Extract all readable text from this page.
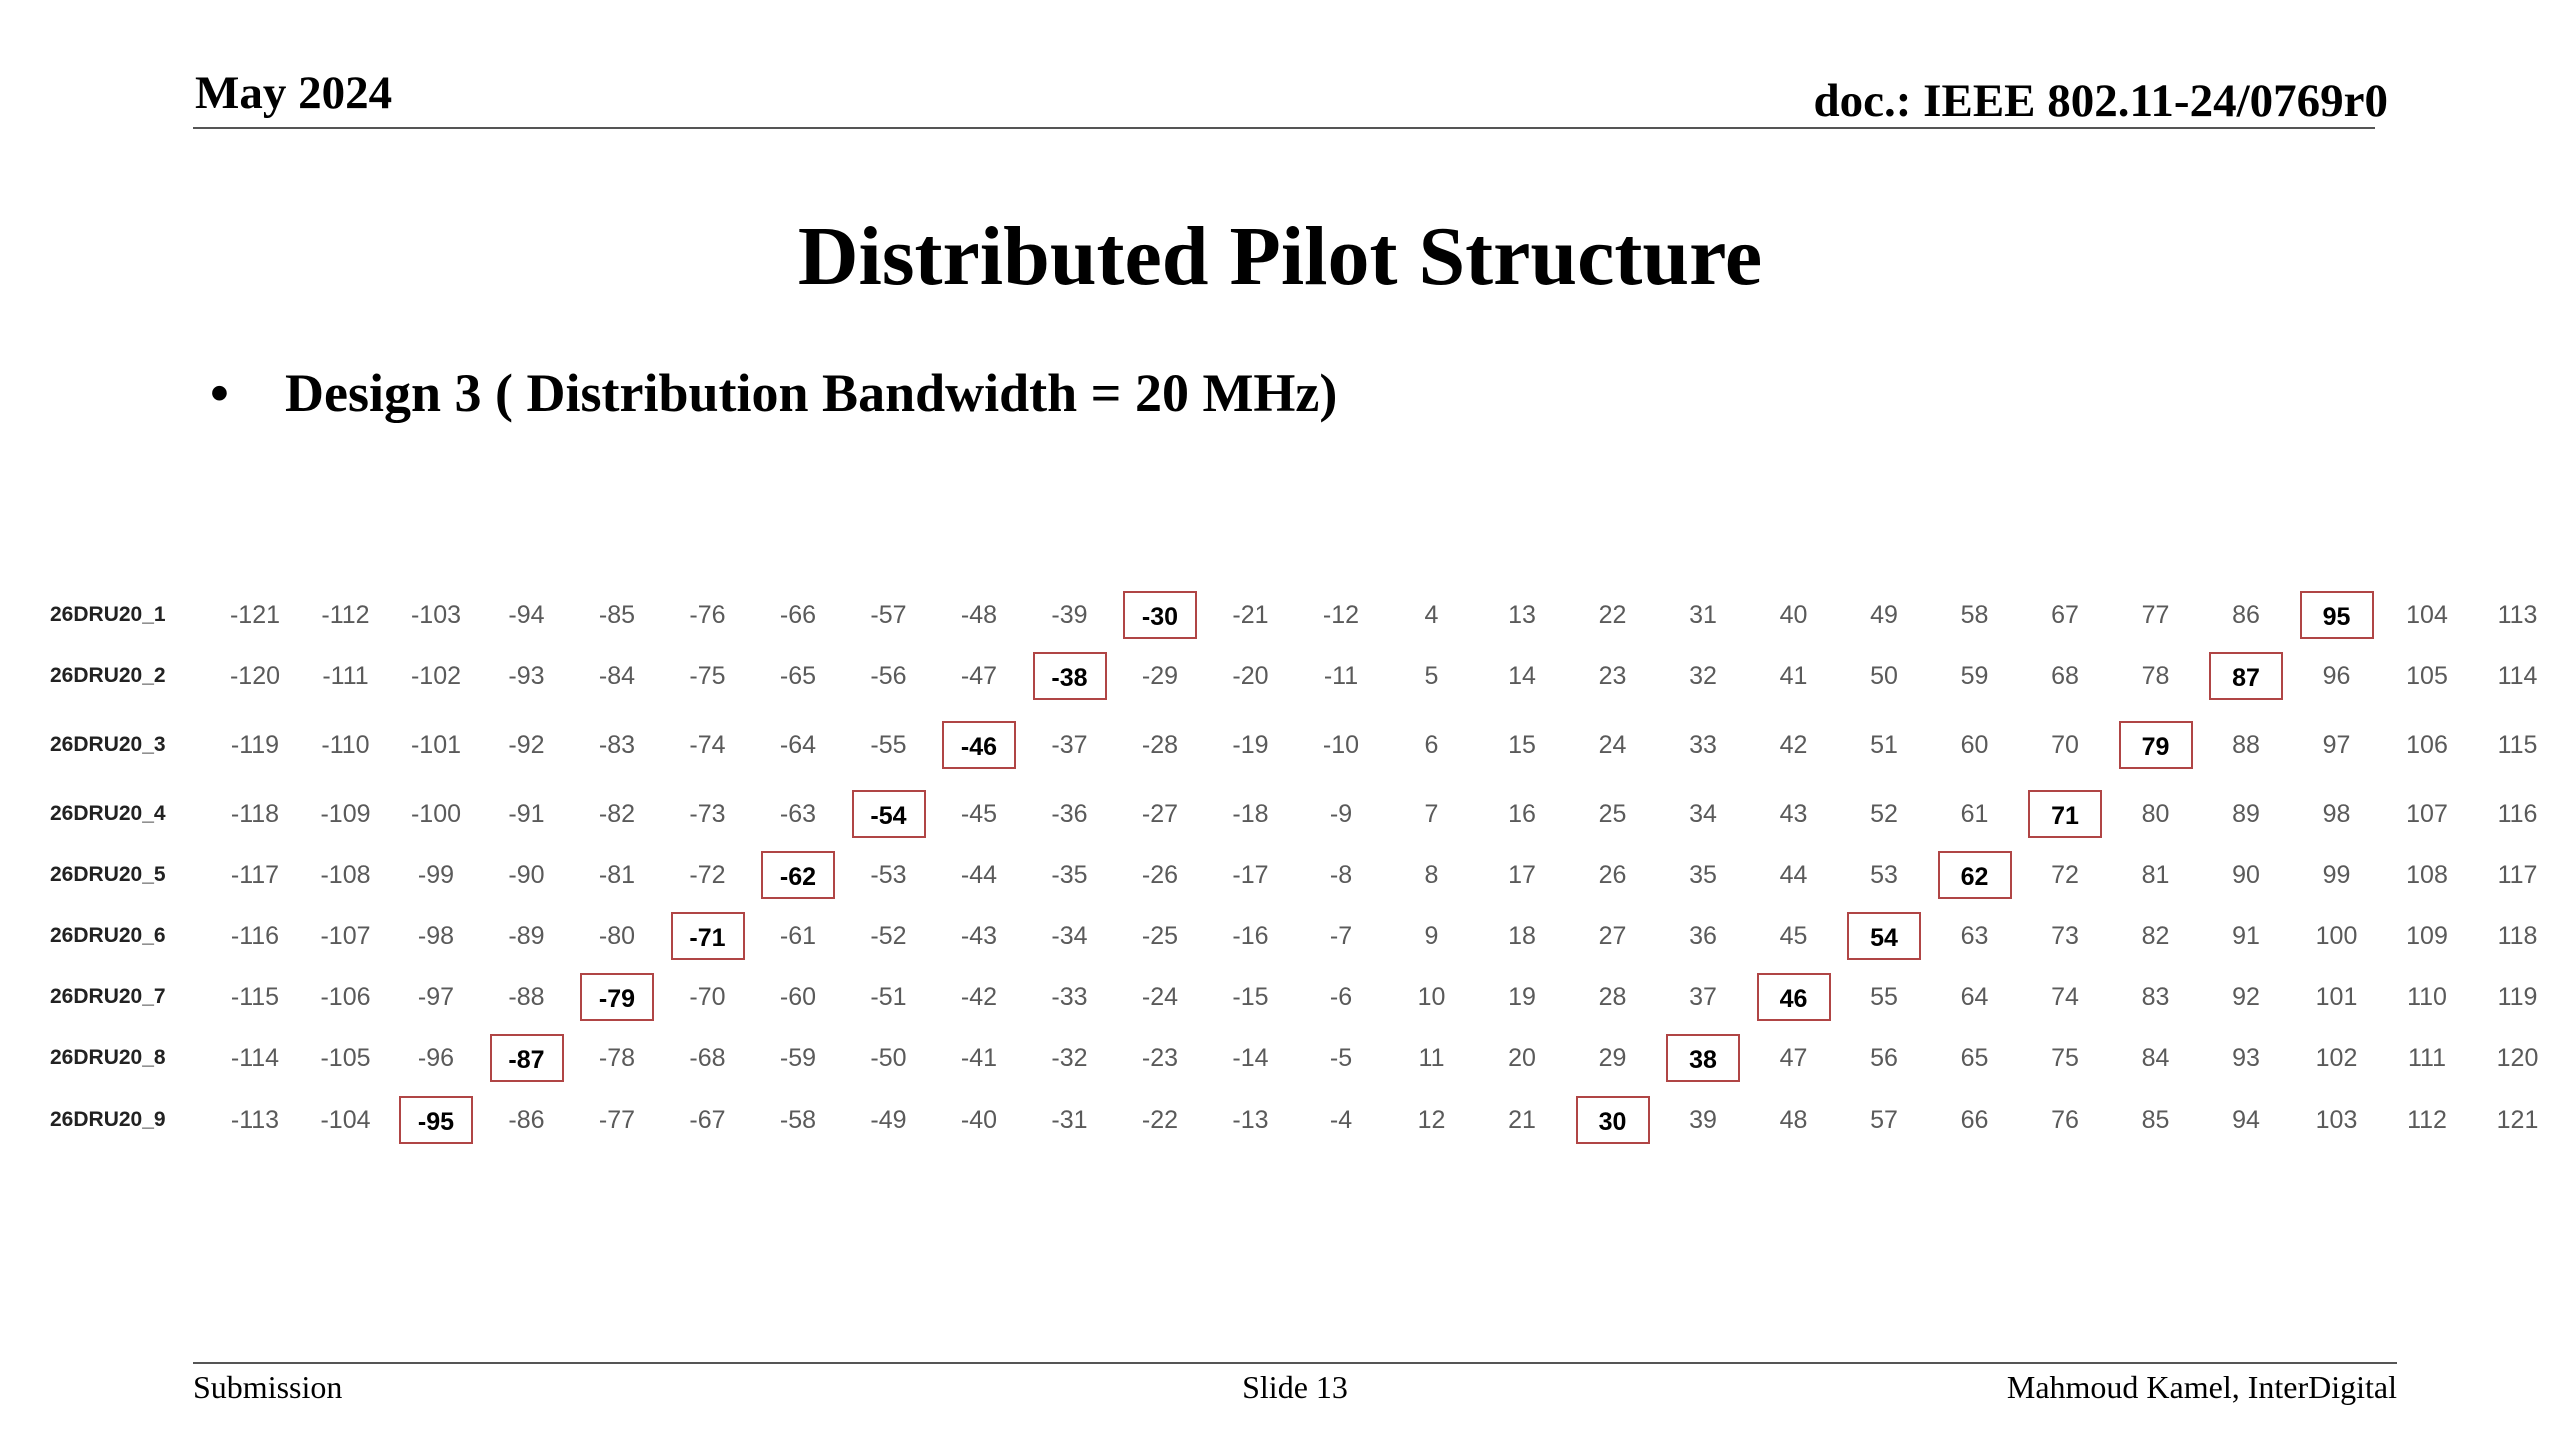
May 2024	doc.: IEEE 802.11-24/0769r0
Distributed Pilot Structure
• Design 3 ( Distribution Bandwidth = 20 MHz)
26DRU20_1	-121	-112	-103	-94	-85	-76	-66	-57	-48	-39	-30	-21	-12	4	13	22	31	40	49	58	67	77	86	95	104	113
26DRU20_2	-120	-111	-102	-93	-84	-75	-65	-56	-47	-38	-29	-20	-11	5	14	23	32	41	50	59	68	78	87	96	105	114
26DRU20_3	-119	-110	-101	-92	-83	-74	-64	-55	-46	-37	-28	-19	-10	6	15	24	33	42	51	60	70	79	88	97	106	115
26DRU20_4	-118	-109	-100	-91	-82	-73	-63	-54	-45	-36	-27	-18	-9	7	16	25	34	43	52	61	71	80	89	98	107	116
26DRU20_5	-117	-108	-99	-90	-81	-72	-62	-53	-44	-35	-26	-17	-8	8	17	26	35	44	53	62	72	81	90	99	108	117
26DRU20_6	-116	-107	-98	-89	-80	-71	-61	-52	-43	-34	-25	-16	-7	9	18	27	36	45	54	63	73	82	91	100	109	118
26DRU20_7	-115	-106	-97	-88	-79	-70	-60	-51	-42	-33	-24	-15	-6	10	19	28	37	46	55	64	74	83	92	101	110	119
26DRU20_8	-114	-105	-96	-87	-78	-68	-59	-50	-41	-32	-23	-14	-5	11	20	29	38	47	56	65	75	84	93	102	111	120
26DRU20_9	-113	-104	-95	-86	-77	-67	-58	-49	-40	-31	-22	-13	-4	12	21	30	39	48	57	66	76	85	94	103	112	121
Submission	Slide 13	Mahmoud Kamel, InterDigital
